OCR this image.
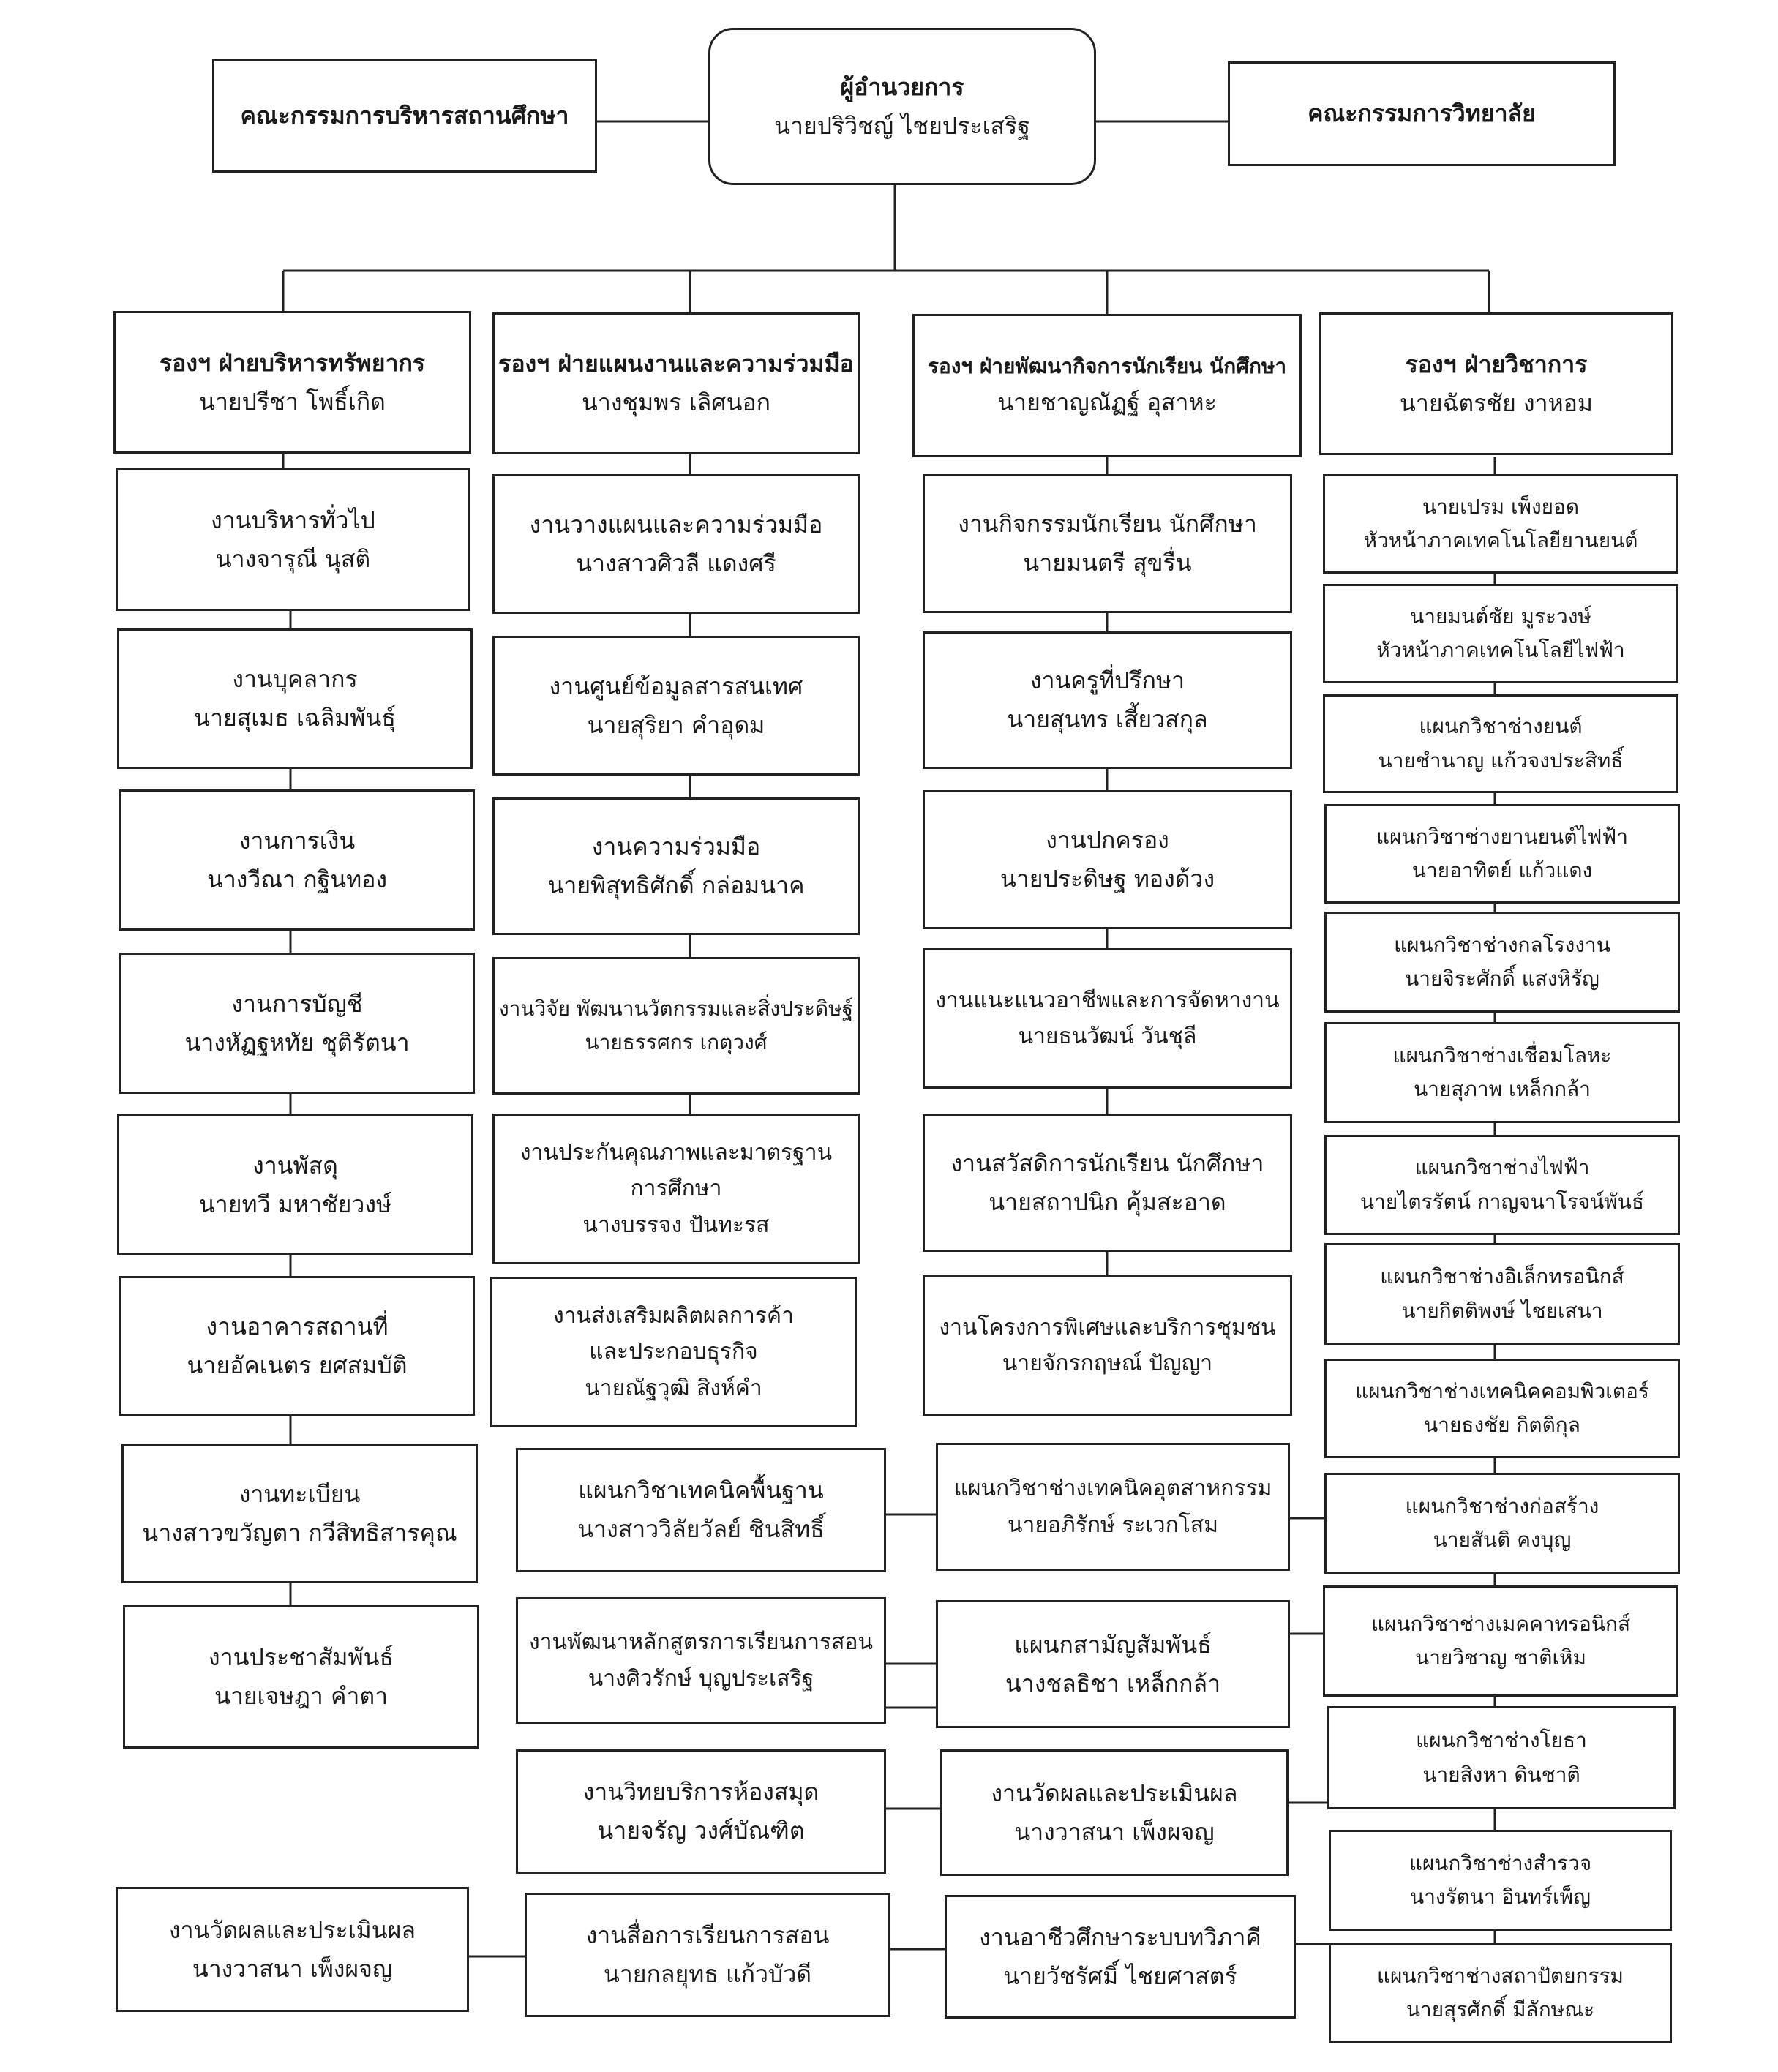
คณะกรรมการบริหารสถานศึกษา
ผู้อำนวยการ
นายปริวิชญ์ ไชยประเสริฐ	คณะกรรมการวิทยาลัย
รองฯ ฝ่ายบริหารทรัพยากร
นายปรีชา โพธิ์เกิด
รองฯ ฝ่ายแผนงานและความร่วมมือ
นางชุมพร เลิศนอก
รองฯ ฝ่ายพัฒนากิจการนักเรียน นักศึกษา
นายชาญณัฏฐ์ อุสาหะ
รองฯ ฝ่ายวิชาการ
นายฉัตรชัย งาหอม
งานบริหารทั่วไป
นางจารุณี นุสติ
งานบุคลากร
นายสุเมธ เฉลิมพันธุ์
งานการเงิน
นางวีณา กฐินทอง
งานการบัญชี
นางหัฏฐหทัย ชุติรัตนา
งานพัสดุ
นายทวี มหาชัยวงษ์
งานอาคารสถานที่
นายอัคเนตร ยศสมบัติ
งานทะเบียน
นางสาวขวัญตา กวีสิทธิสารคุณ
งานประชาสัมพันธ์
นายเจษฎา คำตา
งานวางแผนและความร่วมมือ
นางสาวศิวลี แดงศรี
งานศูนย์ข้อมูลสารสนเทศ
นายสุริยา คำอุดม
งานความร่วมมือ
นายพิสุทธิศักดิ์ กล่อมนาค
งานวิจัย พัฒนานวัตกรรมและสิ่งประดิษฐ์
นายธรรศกร เกตุวงศ์
งานประกันคุณภาพและมาตรฐาน
การศึกษา
นางบรรจง ปันทะรส
งานส่งเสริมผลิตผลการค้า
และประกอบธุรกิจ
นายณัฐวุฒิ สิงห์คำ
งานกิจกรรมนักเรียน นักศึกษา
นายมนตรี สุขรื่น
งานครูที่ปรึกษา
นายสุนทร เสี้ยวสกุล
งานปกครอง
นายประดิษฐ ทองด้วง
งานแนะแนวอาชีพและการจัดหางาน
นายธนวัฒน์ วันชุลี
งานสวัสดิการนักเรียน นักศึกษา
นายสถาปนิก คุ้มสะอาด
งานโครงการพิเศษและบริการชุมชน
นายจักรกฤษณ์ ปัญญา
นายเปรม เพ็งยอด
หัวหน้าภาคเทคโนโลยียานยนต์
นายมนต์ชัย มูระวงษ์
หัวหน้าภาคเทคโนโลยีไฟฟ้า
แผนกวิชาช่างยนต์
นายชำนาญ แก้วจงประสิทธิ์
แผนกวิชาช่างยานยนต์ไฟฟ้า
นายอาทิตย์ แก้วแดง
แผนกวิชาช่างกลโรงงาน
นายจิระศักดิ์ แสงหิรัญ
แผนกวิชาช่างเชื่อมโลหะ
นายสุภาพ เหล็กกล้า
แผนกวิชาช่างไฟฟ้า
นายไตรรัตน์ กาญจนาโรจน์พันธ์
แผนกวิชาช่างอิเล็กทรอนิกส์
นายกิตติพงษ์ ไชยเสนา
แผนกวิชาช่างเทคนิคคอมพิวเตอร์
นายธงชัย กิตติกุล
แผนกวิชาช่างก่อสร้าง
นายสันติ คงบุญ
แผนกวิชาช่างเมคคาทรอนิกส์
นายวิชาญ ชาติเหิม
แผนกวิชาช่างโยธา
นายสิงหา ดินชาติ
แผนกวิชาช่างสำรวจ
นางรัตนา อินทร์เพ็ญ
แผนกวิชาช่างสถาปัตยกรรม
นายสุรศักดิ์ มีลักษณะ
แผนกวิชาเทคนิคพื้นฐาน
นางสาววิลัยวัลย์ ชินสิทธิ์
แผนกวิชาช่างเทคนิคอุตสาหกรรม
นายอภิรักษ์ ระเวกโสม
งานพัฒนาหลักสูตรการเรียนการสอน
นางศิวรักษ์ บุญประเสริฐ
แผนกสามัญสัมพันธ์
นางชลธิชา เหล็กกล้า
งานวิทยบริการห้องสมุด
นายจรัญ วงศ์บัณฑิต
งานวัดผลและประเมินผล
นางวาสนา เพ็งผจญ
งานวัดผลและประเมินผล
นางวาสนา เพ็งผจญ
งานสื่อการเรียนการสอน
นายกลยุทธ แก้วบัวดี
งานอาชีวศึกษาระบบทวิภาคี
นายวัชรัศมิ์ ไชยศาสตร์
